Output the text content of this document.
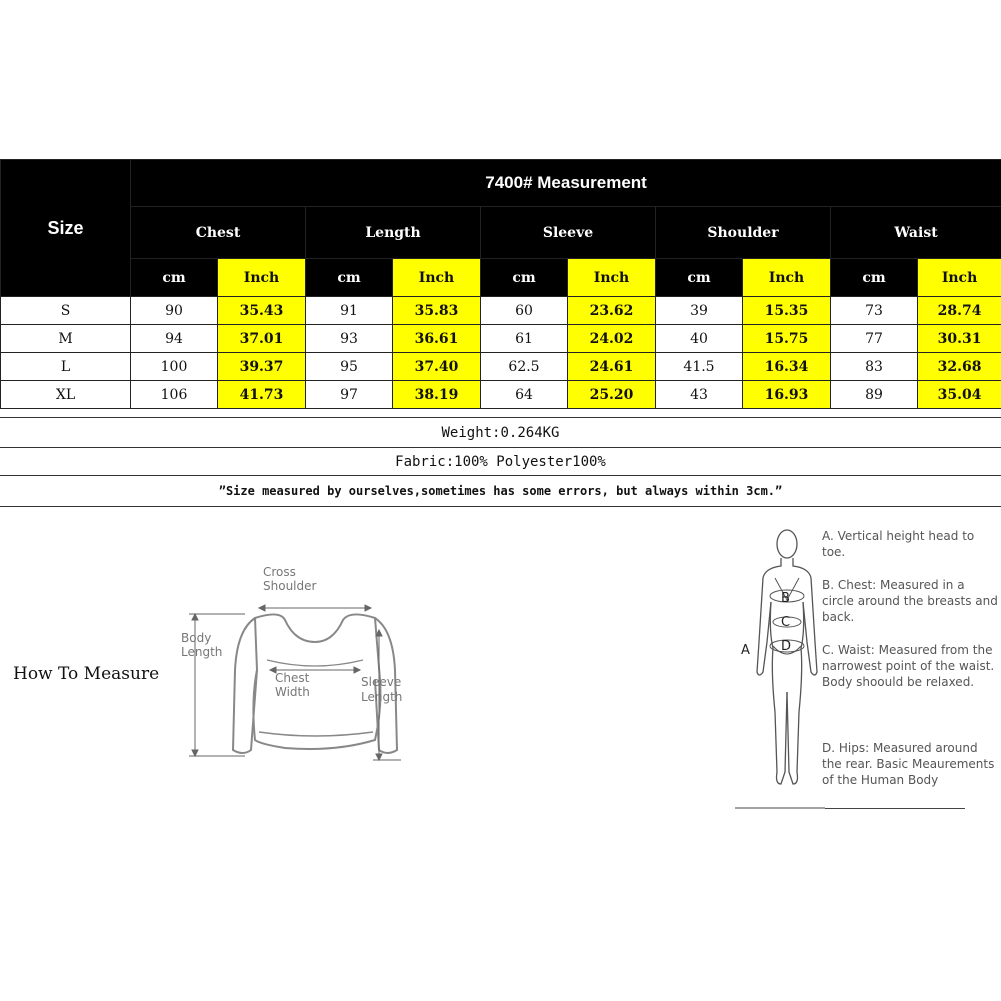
Size	7400# Measurement									
	Chest		Length		Sleeve		Shoulder		Waist	
	cm	Inch	cm	Inch	cm	Inch	cm	Inch	cm	Inch
S	90	35.43	91	35.83	60	23.62	39	15.35	73	28.74
M	94	37.01	93	36.61	61	24.02	40	15.75	77	30.31
L	100	39.37	95	37.40	62.5	24.61	41.5	16.34	83	32.68
XL	106	41.73	97	38.19	64	25.20	43	16.93	89	35.04
Weight:0.264KG
Fabric:100% Polyester100%
”Size measured by ourselves,sometimes has some errors, but always within 3cm.”
How To Measure
Cross
Shoulder
Body
Length
Chest
Width
Sleeve
Length
B
C
D
A
A. Vertical height head to toe.
B. Chest: Measured in a circle around the breasts and back.
C. Waist: Measured from the narrowest point of the waist. Body shoould be relaxed.
D. Hips: Measured around the rear. Basic Meaurements of the Human Body
